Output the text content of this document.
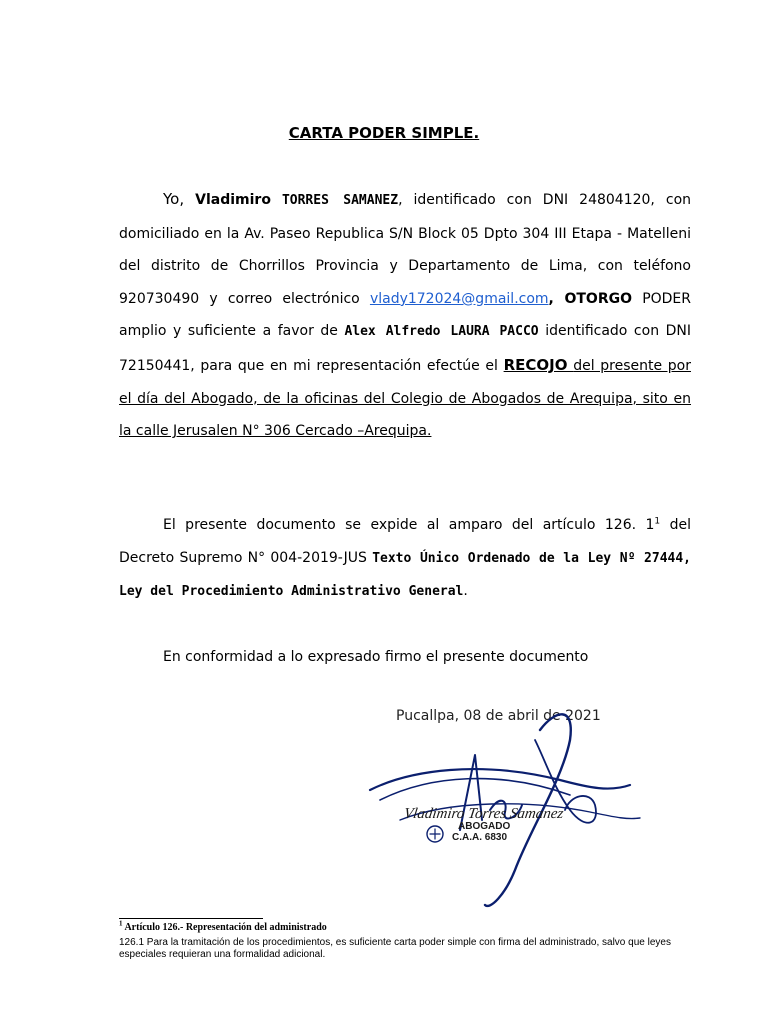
CARTA PODER SIMPLE.
Yo, Vladimiro TORRES SAMANEZ, identificado con DNI 24804120, con domiciliado en la Av. Paseo Republica S/N Block 05 Dpto 304 III Etapa - Matelleni del distrito de Chorrillos Provincia y Departamento de Lima, con teléfono 920730490 y correo electrónico vlady172024@gmail.com, OTORGO PODER amplio y suficiente a favor de Alex Alfredo LAURA PACCO identificado con DNI 72150441, para que en mi representación efectúe el RECOJO del presente por el día del Abogado, de la oficinas del Colegio de Abogados de Arequipa, sito en la calle Jerusalen N° 306 Cercado –Arequipa.
El presente documento se expide al amparo del artículo 126. $1^1$ del Decreto Supremo N° 004-2019-JUS Texto Único Ordenado de la Ley Nº 27444, Ley del Procedimiento Administrativo General.
En conformidad a lo expresado firmo el presente documento
Pucallpa, 08 de abril de 2021
Vladimiro Torres Samanez
ABOGADO
C.A.A. 6830
$^1$ Artículo 126.- Representación del administrado
126.1 Para la tramitación de los procedimientos, es suficiente carta poder simple con firma del administrado, salvo que leyes especiales requieran una formalidad adicional.
